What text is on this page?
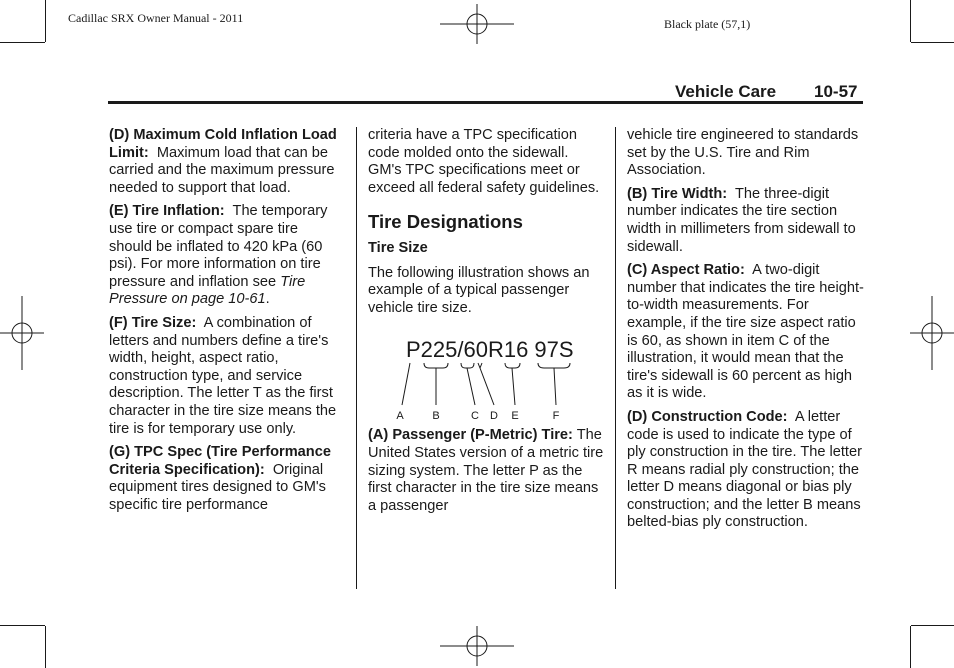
Cadillac SRX Owner Manual - 2011	Black plate (57,1)
Vehicle Care 10-57

(D) Maximum Cold Inflation Load Limit: Maximum load that can be carried and the maximum pressure needed to support that load.

(E) Tire Inflation: The temporary use tire or compact spare tire should be inflated to 420 kPa (60 psi). For more information on tire pressure and inflation see Tire Pressure on page 10-61.

(F) Tire Size: A combination of letters and numbers define a tire's width, height, aspect ratio, construction type, and service description. The letter T as the first character in the tire size means the tire is for temporary use only.

(G) TPC Spec (Tire Performance Criteria Specification): Original equipment tires designed to GM's specific tire performance

criteria have a TPC specification code molded onto the sidewall. GM's TPC specifications meet or exceed all federal safety guidelines.

Tire Designations
Tire Size

The following illustration shows an example of a typical passenger vehicle tire size.

P225/60R16 97S
A	B	C D E	F

(A) Passenger (P-Metric) Tire: The United States version of a metric tire sizing system. The letter P as the first character in the tire size means a passenger

vehicle tire engineered to standards set by the U.S. Tire and Rim Association.

(B) Tire Width: The three-digit number indicates the tire section width in millimeters from sidewall to sidewall.

(C) Aspect Ratio: A two-digit number that indicates the tire height-to-width measurements. For example, if the tire size aspect ratio is 60, as shown in item C of the illustration, it would mean that the tire's sidewall is 60 percent as high as it is wide.

(D) Construction Code: A letter code is used to indicate the type of ply construction in the tire. The letter R means radial ply construction; the letter D means diagonal or bias ply construction; and the letter B means belted-bias ply construction.
